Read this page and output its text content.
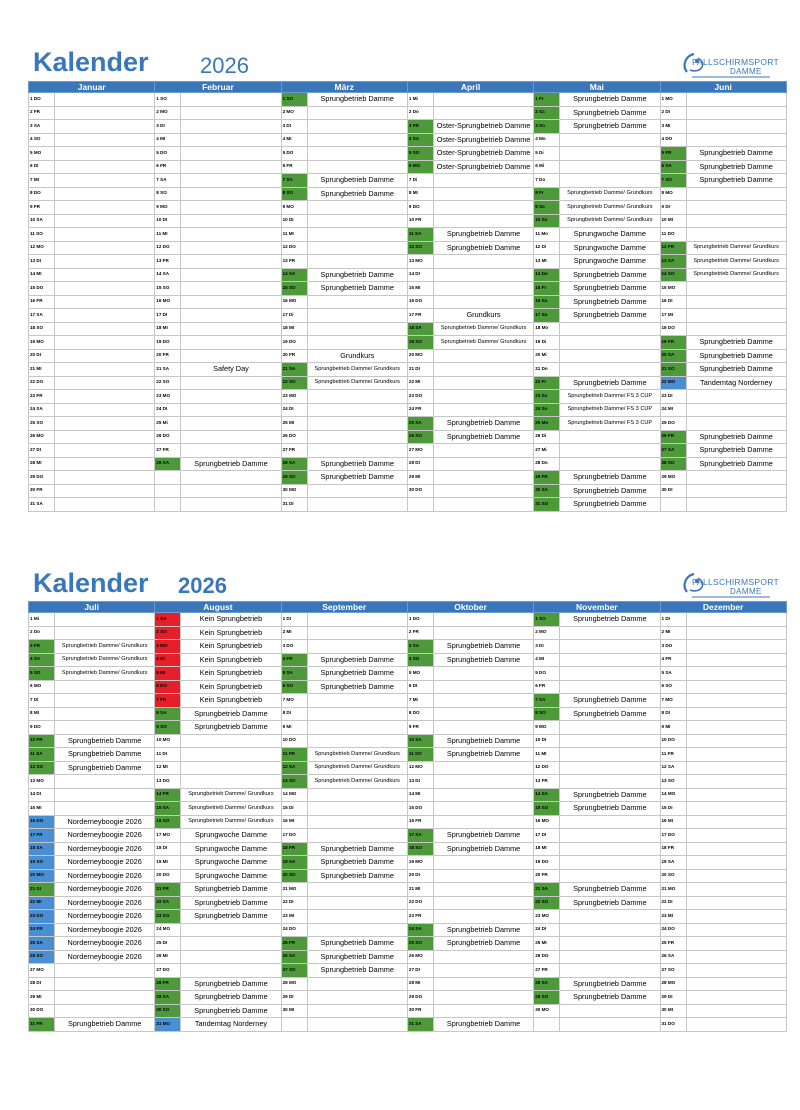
Kalender 2026	FALLSCHIRMSPORT
DAMME
Januar		Februar		März		April		Mai		Juni	
1 DO		1 SO		1 SO	Sprungbetrieb Damme	1 Mi		1 Fr	Sprungbetrieb Damme	1 MO	
2 FR		2 MO		2 MO		2 Do		2 Sa	Sprungbetrieb Damme	2 DI	
3 SA		3 DI		3 DI		3 FR	Oster-Sprungbetrieb Damme	3 So	Sprungbetrieb Damme	3 MI	
4 SO		4 MI		4 MI		4 SA	Oster-Sprungbetrieb Damme	4 Mo		4 DO	
5 MO		5 DO		5 DO		5 SO	Oster-Sprungbetrieb Damme	5 Di		5 FR	Sprungbetrieb Damme
6 DI		6 FR		6 FR		6 MO	Oster-Sprungbetrieb Damme	6 Mi		6 SA	Sprungbetrieb Damme
7 MI		7 SA		7 SA	Sprungbetrieb Damme	7 Di		7 Do		7 SO	Sprungbetrieb Damme
8 DO		8 SO		8 SO	Sprungbetrieb Damme	8 MI		8 Fr	Sprungbetrieb Damme/ Grundkurs	8 MO	
9 FR		9 MO		9 MO		9 DO		9 Sa	Sprungbetrieb Damme/ Grundkurs	9 DI	
10 SA		10 DI		10 DI		10 FR		10 So	Sprungbetrieb Damme/ Grundkurs	10 MI	
11 SO		11 MI		11 MI		11 SA	Sprungbetrieb Damme	11 Mo	Sprungwoche Damme	11 DO	
12 MO		12 DO		12 DO		12 SO	Sprungbetrieb Damme	12 Di	Sprungwoche Damme	12 FR	Sprungbetrieb Damme/ Grundkurs
13 DI		13 FR		13 FR		13 MO		13 MI	Sprungwoche Damme	13 SA	Sprungbetrieb Damme/ Grundkurs
14 MI		14 SA		14 SA	Sprungbetrieb Damme	14 DI		14 Do	Sprungbetrieb Damme	14 SO	Sprungbetrieb Damme/ Grundkurs
15 DO		15 SO		15 SO	Sprungbetrieb Damme	15 MI		15 Fr	Sprungbetrieb Damme	15 MO	
16 FR		16 MO		16 MO		16 DO		16 Sa	Sprungbetrieb Damme	16 DI	
17 SA		17 DI		17 Di		17 FR	Grundkurs	17 So	Sprungbetrieb Damme	17 MI	
18 SO		18 MI		18 MI		18 SA	Sprungbetrieb Damme/ Grundkurs	18 Mo		18 DO	
19 MO		19 DO		19 DO		19 SO	Sprungbetrieb Damme/ Grundkurs	19 Di		19 FR	Sprungbetrieb Damme
20 DI		20 FR		20 FR	Grundkurs	20 MO		20 Mi		20 SA	Sprungbetrieb Damme
21 MI		21 SA	Safety Day	21 SA	Sprungbetrieb Damme/ Grundkurs	21 DI		21 Do		21 SO	Sprungbetrieb Damme
22 DO		22 SO		22 SO	Sprungbetrieb Damme/ Grundkurs	22 MI		22 Fr	Sprungbetrieb Damme	22 MO	Tandemtag Norderney
23 FR		23 MO		23 MO		23 DO		23 Sa	Sprungbetrieb Damme/ FS 3 CUP	23 DI	
24 SA		24 DI		24 DI		24 FR		24 So	Sprungbetrieb Damme/ FS 3 CUP	24 MI	
25 SO		25 Mi		25 MI		25 SA	Sprungbetrieb Damme	25 Mo	Sprungbetrieb Damme/ FS 3 CUP	25 DO	
26 MO		26 DO		26 DO		26 SO	Sprungbetrieb Damme	26 Di		26 FR	Sprungbetrieb Damme
27 DI		27 FR		27 FR		27 MO		27 Mi		27 SA	Sprungbetrieb Damme
28 MI		28 SA	Sprungbetrieb Damme	28 SA	Sprungbetrieb Damme	28 DI		28 Do		28 SO	Sprungbetrieb Damme
29 DO				29 SO	Sprungbetrieb Damme	29 MI		29 FR	Sprungbetrieb Damme	29 MO	
30 FR				30 MO		30 DO		30 SA	Sprungbetrieb Damme	30 DI	
31 SA				31 DI				31 SO	Sprungbetrieb Damme		
Kalender 2026	FALLSCHIRMSPORT
DAMME
Juli		August		September		Oktober		November		Dezember	
1 Mi		1 SA	Kein Sprungbetrieb	1 DI		1 DO		1 SO	Sprungbetrieb Damme	1 DI	
2 Do		2 SO	Kein Sprungbetrieb	2 MI		2 FR		2 MO		2 MI	
3 FR	Sprungbetrieb Damme/ Grundkurs	3 MO	Kein Sprungbetrieb	3 DO		3 SA	Sprungbetrieb Damme	3 DI		3 DO	
4 SA	Sprungbetrieb Damme/ Grundkurs	4 DI	Kein Sprungbetrieb	4 FR	Sprungbetrieb Damme	4 SO	Sprungbetrieb Damme	4 MI		4 FR	
5 SO	Sprungbetrieb Damme/ Grundkurs	5 MI	Kein Sprungbetrieb	5 SA	Sprungbetrieb Damme	5 MO		5 DO		5 SA	
6 MO		6 DO	Kein Sprungbetrieb	6 SO	Sprungbetrieb Damme	6 DI		6 FR		6 SO	
7 DI		7 FR	Kein Sprungbetrieb	7 MO		7 MI		7 SA	Sprungbetrieb Damme	7 MO	
8 MI		8 SA	Sprungbetrieb Damme	8 DI		8 DO		8 SO	Sprungbetrieb Damme	8 DI	
9 DO		9 SO	Sprungbetrieb Damme	9 MI		9 FR		9 MO		9 MI	
10 FR	Sprungbetrieb Damme	10 MO		10 DO		10 SA	Sprungbetrieb Damme	10 DI		10 DO	
11 SA	Sprungbetrieb Damme	11 DI		11 FR	Sprungbetrieb Damme/ Grundkurs	11 SO	Sprungbetrieb Damme	11 MI		11 FR	
12 SO	Sprungbetrieb Damme	12 MI		12 SA	Sprungbetrieb Damme/ Grundkurs	12 MO		12 DO		12 SA	
13 MO		13 DO		13 SO	Sprungbetrieb Damme/ Grundkurs	13 DI		13 FR		13 SO	
14 DI		14 FR	Sprungbetrieb Damme/ Grundkurs	14 MO		14 MI		14 SA	Sprungbetrieb Damme	14 MO	
15 MI		15 SA	Sprungbetrieb Damme/ Grundkurs	15 DI		15 DO		15 SO	Sprungbetrieb Damme	15 DI	
16 DO	Norderneyboogie 2026	16 SO	Sprungbetrieb Damme/ Grundkurs	16 MI		16 FR		16 MO		16 MI	
17 FR	Norderneyboogie 2026	17 MO	Sprungwoche Damme	17 DO		17 SA	Sprungbetrieb Damme	17 DI		17 DO	
18 SA	Norderneyboogie 2026	18 DI	Sprungwoche Damme	18 FR	Sprungbetrieb Damme	18 SO	Sprungbetrieb Damme	18 MI		18 FR	
19 SO	Norderneyboogie 2026	19 MI	Sprungwoche Damme	19 SA	Sprungbetrieb Damme	19 MO		19 DO		19 SA	
20 MO	Norderneyboogie 2026	20 DO	Sprungwoche Damme	20 SO	Sprungbetrieb Damme	20 DI		20 FR		20 SO	
21 DI	Norderneyboogie 2026	21 FR	Sprungbetrieb Damme	21 MO		21 MI		21 SA	Sprungbetrieb Damme	21 MO	
22 MI	Norderneyboogie 2026	22 SA	Sprungbetrieb Damme	22 DI		22 DO		22 SO	Sprungbetrieb Damme	22 DI	
23 DO	Norderneyboogie 2026	23 SO	Sprungbetrieb Damme	23 MI		23 FR		23 MO		23 MI	
24 FR	Norderneyboogie 2026	24 MO		24 DO		24 SA	Sprungbetrieb Damme	24 DI		24 DO	
25 SA	Norderneyboogie 2026	25 DI		25 FR	Sprungbetrieb Damme	25 SO	Sprungbetrieb Damme	25 MI		25 FR	
26 SO	Norderneyboogie 2026	26 MI		26 SA	Sprungbetrieb Damme	26 MO		26 DO		26 SA	
27 MO		27 DO		27 SO	Sprungbetrieb Damme	27 DI		27 FR		27 SO	
28 DI		28 FR	Sprungbetrieb Damme	28 MO		28 MI		28 SA	Sprungbetrieb Damme	28 MO	
29 MI		29 SA	Sprungbetrieb Damme	29 DI		29 DO		29 SO	Sprungbetrieb Damme	29 DI	
30 DO		30 SO	Sprungbetrieb Damme	30 MI		30 FR		30 MO		30 MI	
31 FR	Sprungbetrieb Damme	31 MO	Tandemtag Norderney			31 SA	Sprungbetrieb Damme			31 DO	
